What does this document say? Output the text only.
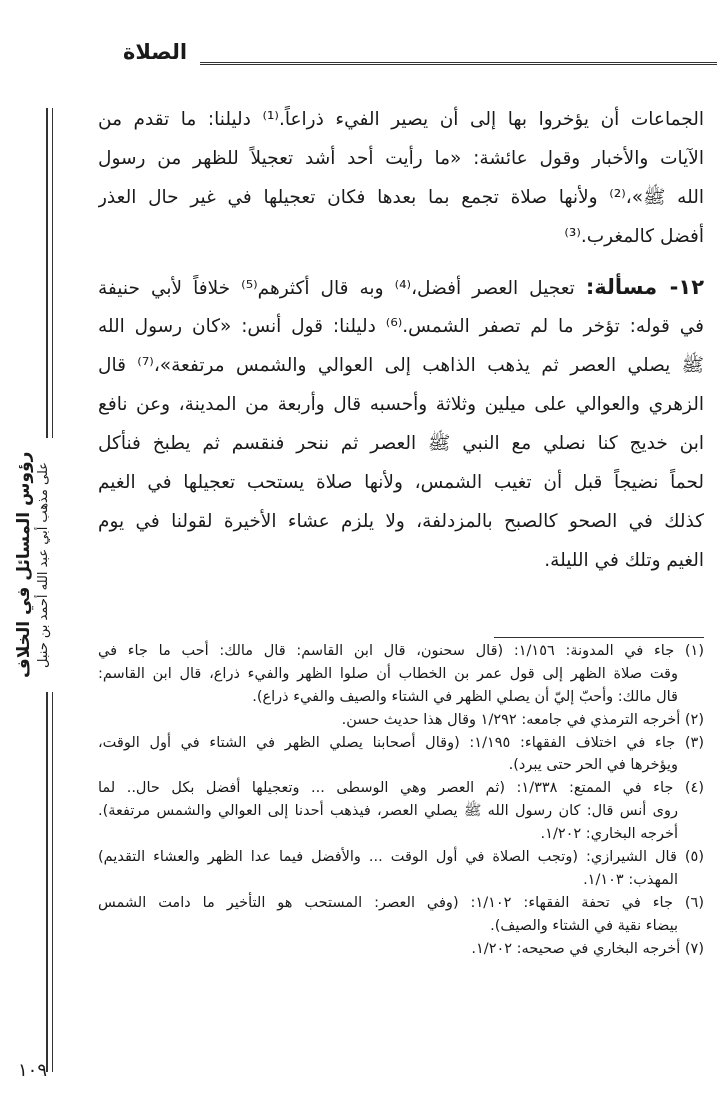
الصلاة
رؤوس المسائل في الخلاف على مذهب أبي عبد الله أحمد بن حنبل
الجماعات أن يؤخروا بها إلى أن يصير الفيء ذراعاً.⁽¹⁾ دليلنا: ما تقدم من
الآيات والأخبار وقول عائشة: «ما رأيت أحد أشد تعجيلاً للظهر من رسول
الله ﷺ»،⁽²⁾ ولأنها صلاة تجمع بما بعدها فكان تعجيلها في غير حال العذر
أفضل كالمغرب.⁽³⁾
١٢- مسألة: تعجيل العصر أفضل،⁽⁴⁾ وبه قال أكثرهم⁽⁵⁾ خلافاً لأبي حنيفة
في قوله: تؤخر ما لم تصفر الشمس.⁽⁶⁾ دليلنا: قول أنس: «كان رسول الله
ﷺ يصلي العصر ثم يذهب الذاهب إلى العوالي والشمس مرتفعة»،⁽⁷⁾ قال
الزهري والعوالي على ميلين وثلاثة وأحسبه قال وأربعة من المدينة، وعن نافع
ابن خديج كنا نصلي مع النبي ﷺ العصر ثم ننحر فنقسم ثم يطبخ فنأكل
لحماً نضيجاً قبل أن تغيب الشمس، ولأنها صلاة يستحب تعجيلها في الغيم
كذلك في الصحو كالصبح بالمزدلفة، ولا يلزم عشاء الأخيرة لقولنا في يوم
الغيم وتلك في الليلة.
(١) جاء في المدونة: ١/١٥٦: (قال سحنون، قال ابن القاسم: قال مالك: أحب ما جاء في
وقت صلاة الظهر إلى قول عمر بن الخطاب أن صلوا الظهر والفيء ذراع، قال ابن القاسم:
قال مالك: وأحبّ إليّ أن يصلي الظهر في الشتاء والصيف والفيء ذراع).
(٢) أخرجه الترمذي في جامعه: ١/٢٩٢ وقال هذا حديث حسن.
(٣) جاء في اختلاف الفقهاء: ١/١٩٥: (وقال أصحابنا يصلي الظهر في الشتاء في أول الوقت،
ويؤخرها في الحر حتى يبرد).
(٤) جاء في الممتع: ١/٣٣٨: (ثم العصر وهي الوسطى ... وتعجيلها أفضل بكل حال.. لما
روى أنس قال: كان رسول الله ﷺ يصلي العصر، فيذهب أحدنا إلى العوالي والشمس مرتفعة).
أخرجه البخاري: ١/٢٠٢.
(٥) قال الشيرازي: (وتجب الصلاة في أول الوقت ... والأفضل فيما عدا الظهر والعشاء التقديم)
المهذب: ١/١٠٣.
(٦) جاء في تحفة الفقهاء: ١/١٠٢: (وفي العصر: المستحب هو التأخير ما دامت الشمس
بيضاء نقية في الشتاء والصيف).
(٧) أخرجه البخاري في صحيحه: ١/٢٠٢.
١٠٩
